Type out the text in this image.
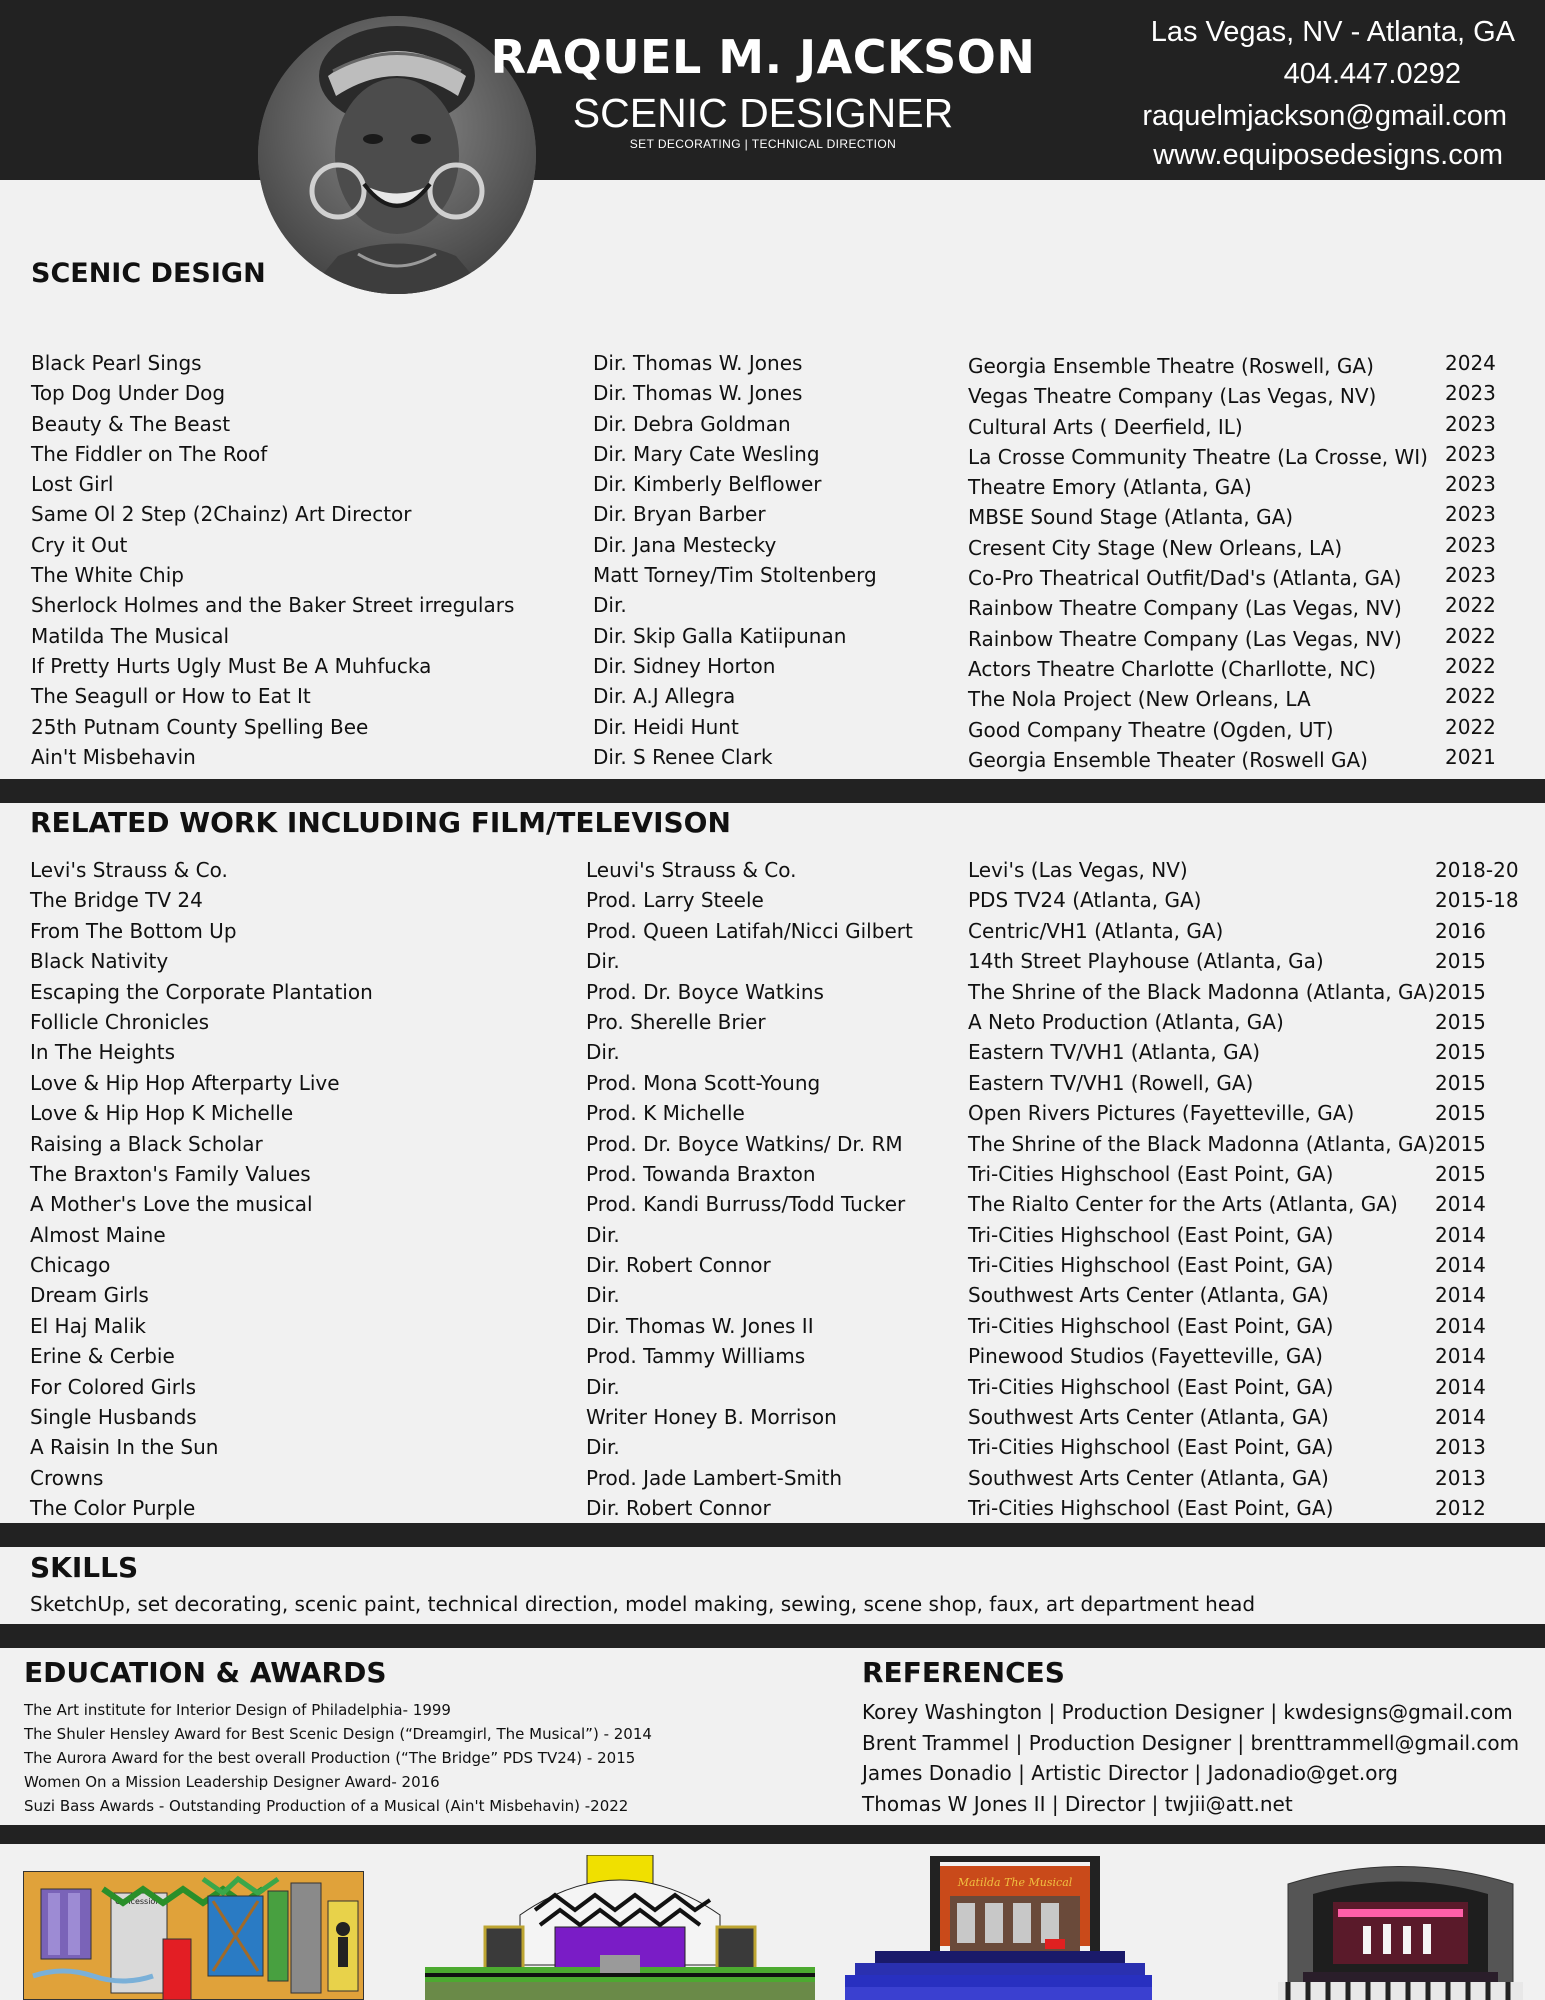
RAQUEL M. JACKSON
SCENIC DESIGNER
SET DECORATING | TECHNICAL DIRECTION
Las Vegas, NV - Atlanta, GA
404.447.0292
raquelmjackson@gmail.com
www.equiposedesigns.com
SCENIC DESIGN
Black Pearl Sings	Dir. Thomas W. Jones	Georgia Ensemble Theatre (Roswell, GA)	2024
Top Dog Under Dog	Dir. Thomas W. Jones	Vegas Theatre Company (Las Vegas, NV)	2023
Beauty & The Beast	Dir. Debra Goldman	Cultural Arts ( Deerfield, IL)	2023
The Fiddler on The Roof	Dir. Mary Cate Wesling	La Crosse Community Theatre (La Crosse, WI) 2023
Lost Girl	Dir. Kimberly Belflower	Theatre Emory (Atlanta, GA)	2023
Same Ol 2 Step (2Chainz) Art Director	Dir. Bryan Barber	MBSE Sound Stage (Atlanta, GA)	2023
Cry it Out	Dir. Jana Mestecky	Cresent City Stage (New Orleans, LA)	2023
The White Chip	Matt Torney/Tim Stoltenberg	Co-Pro Theatrical Outfit/Dad's (Atlanta, GA) 2023
Sherlock Holmes and the Baker Street irregulars	Dir.	Rainbow Theatre Company (Las Vegas, NV) 2022
Matilda The Musical	Dir. Skip Galla Katiipunan	Rainbow Theatre Company (Las Vegas, NV) 2022
If Pretty Hurts Ugly Must Be A Muhfucka	Dir. Sidney Horton	Actors Theatre Charlotte (Charllotte, NC)	2022
The Seagull or How to Eat It	Dir. A.J Allegra	The Nola Project (New Orleans, LA	2022
25th Putnam County Spelling Bee	Dir. Heidi Hunt	Good Company Theatre (Ogden, UT)	2022
Ain't Misbehavin	Dir. S Renee Clark	Georgia Ensemble Theater (Roswell GA)	2021
RELATED WORK INCLUDING FILM/TELEVISON
Levi's Strauss & Co.	Leuvi's Strauss & Co.	Levi's (Las Vegas, NV)	2018-20
The Bridge TV 24	Prod. Larry Steele	PDS TV24 (Atlanta, GA)	2015-18
From The Bottom Up	Prod. Queen Latifah/Nicci Gilbert	Centric/VH1 (Atlanta, GA)	2016
Black Nativity	Dir.	14th Street Playhouse (Atlanta, Ga)	2015
Escaping the Corporate Plantation	Prod. Dr. Boyce Watkins	The Shrine of the Black Madonna (Atlanta, GA) 2015
Follicle Chronicles	Pro. Sherelle Brier	A Neto Production (Atlanta, GA)	2015
In The Heights	Dir.	Eastern TV/VH1 (Atlanta, GA)	2015
Love & Hip Hop Afterparty Live	Prod. Mona Scott-Young	Eastern TV/VH1 (Rowell, GA)	2015
Love & Hip Hop K Michelle	Prod. K Michelle	Open Rivers Pictures (Fayetteville, GA)	2015
Raising a Black Scholar	Prod. Dr. Boyce Watkins/ Dr. RM	The Shrine of the Black Madonna (Atlanta, GA) 2015
The Braxton's Family Values	Prod. Towanda Braxton	Tri-Cities Highschool (East Point, GA)	2015
A Mother's Love the musical	Prod. Kandi Burruss/Todd Tucker	The Rialto Center for the Arts (Atlanta, GA) 2014
Almost Maine	Dir.	Tri-Cities Highschool (East Point, GA)	2014
Chicago	Dir. Robert Connor	Tri-Cities Highschool (East Point, GA)	2014
Dream Girls	Dir.	Southwest Arts Center (Atlanta, GA)	2014
El Haj Malik	Dir. Thomas W. Jones II	Tri-Cities Highschool (East Point, GA)	2014
Erine & Cerbie	Prod. Tammy Williams	Pinewood Studios (Fayetteville, GA)	2014
For Colored Girls	Dir.	Tri-Cities Highschool (East Point, GA)	2014
Single Husbands	Writer Honey B. Morrison	Southwest Arts Center (Atlanta, GA)	2014
A Raisin In the Sun	Dir.	Tri-Cities Highschool (East Point, GA)	2013
Crowns	Prod. Jade Lambert-Smith	Southwest Arts Center (Atlanta, GA)	2013
The Color Purple	Dir. Robert Connor	Tri-Cities Highschool (East Point, GA)	2012
SKILLS
SketchUp, set decorating, scenic paint, technical direction, model making, sewing, scene shop, faux, art department head
EDUCATION & AWARDS
The Art institute for Interior Design of Philadelphia- 1999
The Shuler Hensley Award for Best Scenic Design (“Dreamgirl, The Musical”) - 2014
The Aurora Award for the best overall Production (“The Bridge” PDS TV24) - 2015
Women On a Mission Leadership Designer Award- 2016
Suzi Bass Awards - Outstanding Production of a Musical (Ain't Misbehavin) -2022
REFERENCES
Korey Washington | Production Designer | kwdesigns@gmail.com
Brent Trammel | Production Designer | brenttrammell@gmail.com
James Donadio | Artistic Director | Jadonadio@get.org
Thomas W Jones II | Director | twjii@att.net
Concessions
Matilda The Musical
